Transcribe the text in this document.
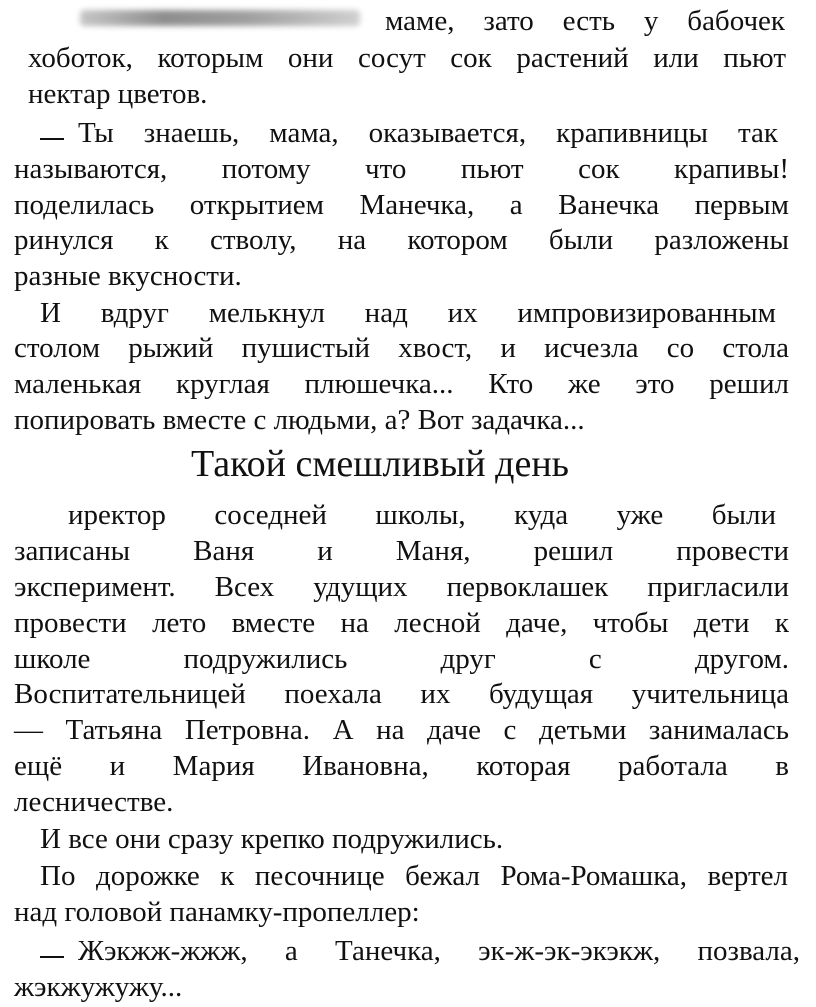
маме, зато есть у бабочек
хоботок, которым они сосут сок растений или пьют
нектар цветов.
Ты знаешь, мама, оказывается, крапивницы так
называются, потому что пьют сок крапивы!
поделилась открытием Манечка, а Ванечка первым
ринулся к стволу, на котором были разложены
разные вкусности.
И вдруг мелькнул над их импровизированным
столом рыжий пушистый хвост, и исчезла со стола
маленькая круглая плюшечка... Кто же это решил
попировать вместе с людьми, а? Вот задачка...
Такой смешливый день
иректор соседней школы, куда уже были
записаны Ваня и Маня, решил провести
эксперимент. Всех удущих первоклашек пригласили
провести лето вместе на лесной даче, чтобы дети к
школе подружились друг с другом.
Воспитательницей поехала их будущая учительница
— Татьяна Петровна. А на даче с детьми занималась
ещё и Мария Ивановна, которая работала в
лесничестве.
И все они сразу крепко подружились.
По дорожке к песочнице бежал Рома-Ромашка, вертел
над головой панамку-пропеллер:
Жэкжж-жжж, а Танечка, эк-ж-эк-экэкж, позвала,
жэкжужужу...
